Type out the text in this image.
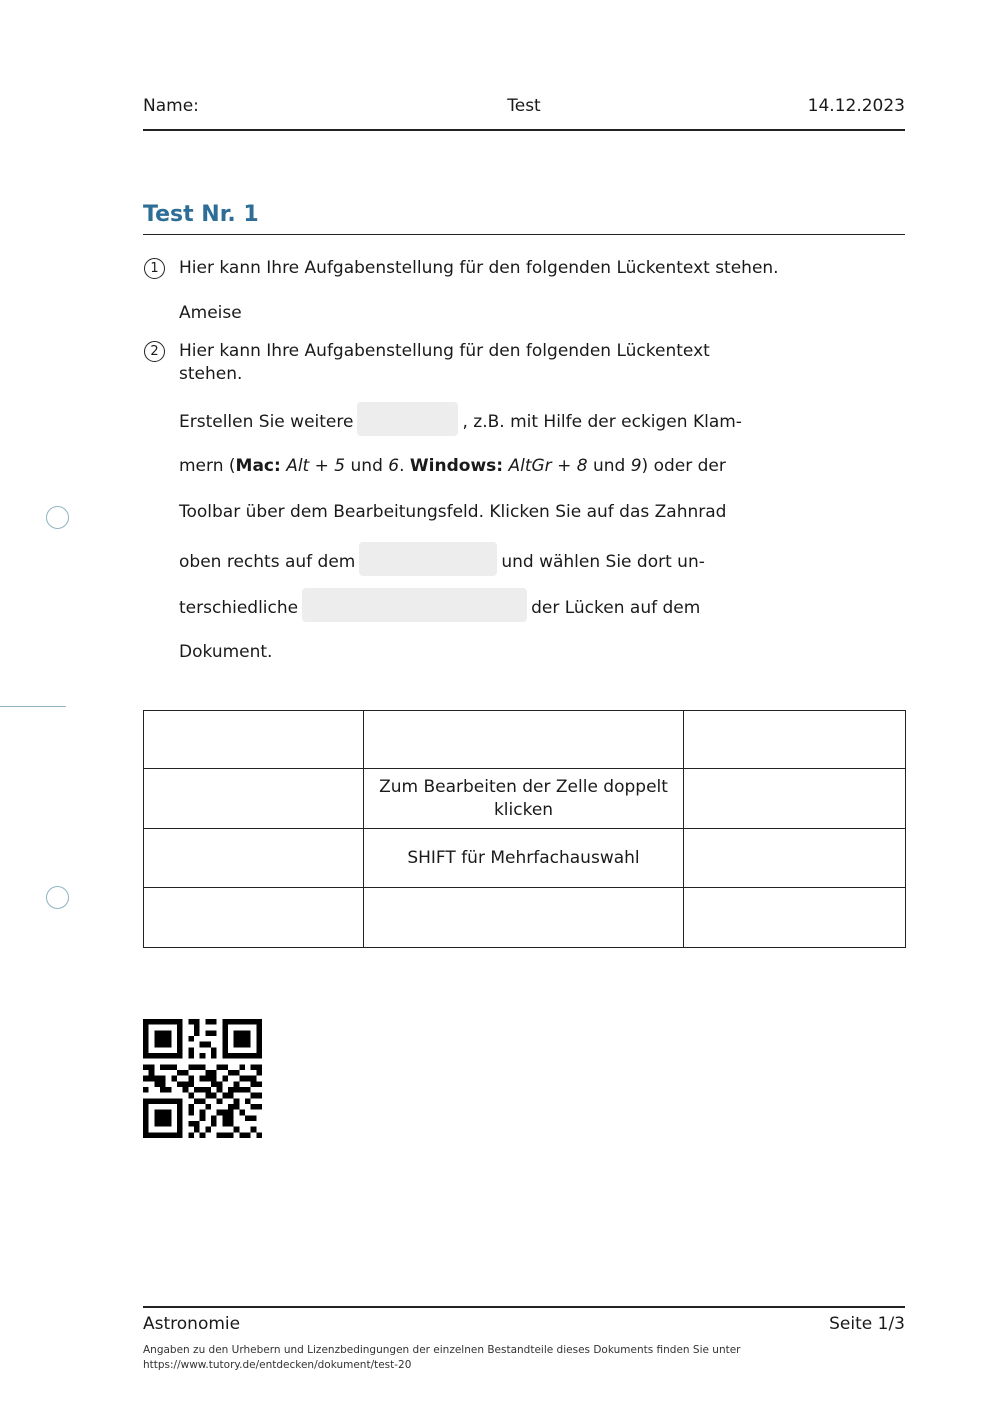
Name:	Test	14.12.2023
Test Nr. 1
1	Hier kann Ihre Aufgabenstellung für den folgenden Lückentext stehen.
Ameise
2	Hier kann Ihre Aufgabenstellung für den folgenden Lückentext
stehen.
Erstellen Sie weitere	, z.B. mit Hilfe der eckigen Klam-
mern (Mac: Alt + 5 und 6. Windows: AltGr + 8 und 9) oder der
Toolbar über dem Bearbeitungsfeld. Klicken Sie auf das Zahnrad
oben rechts auf dem	und wählen Sie dort un-
terschiedliche	der Lücken auf dem
Dokument.

	Zum Bearbeiten der Zelle doppelt klicken	
	SHIFT für Mehrfachauswahl	

Astronomie	Seite 1/3
Angaben zu den Urhebern und Lizenzbedingungen der einzelnen Bestandteile dieses Dokuments finden Sie unter
https://www.tutory.de/entdecken/dokument/test-20
